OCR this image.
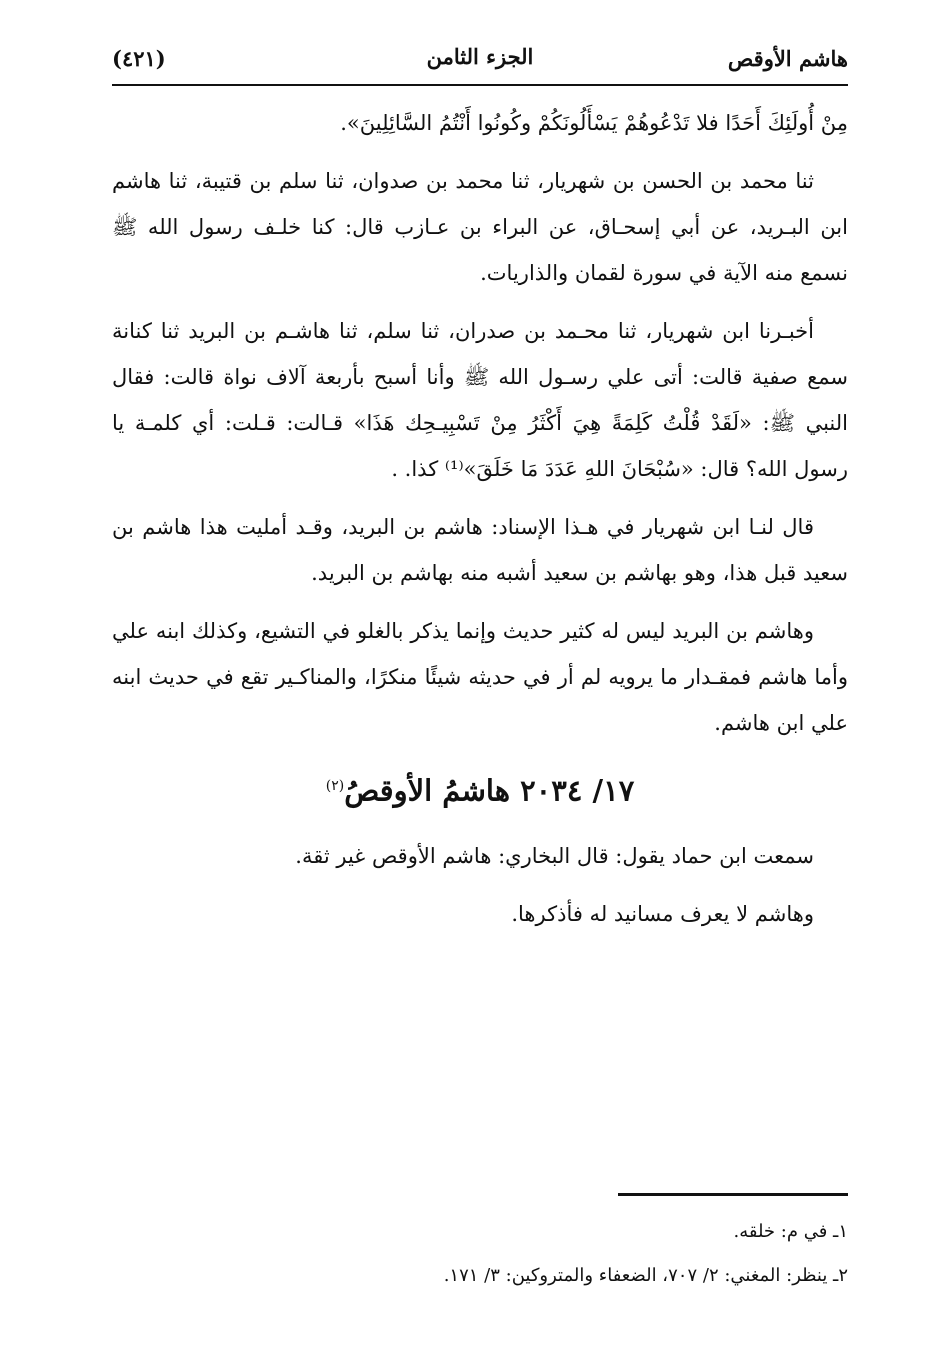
هاشم الأوقص
الجزء الثامن
(٤٢١)

مِنْ أُولَئِكَ أَحَدًا فلا تَدْعُوهُمْ يَسْأَلُونَكُمْ وكُونُوا أَنْتُمُ السَّائِلِينَ».

ثنا محمد بن الحسن بن شهريار، ثنا محمد بن صدوان، ثنا سلم بن قتيبة، ثنا هاشم ابن البـريد، عن أبي إسحـاق، عن البراء بن عـازب قال: كنا خلـف رسول الله ﷺ نسمع منه الآية في سورة لقمان والذاريات.

أخبـرنا ابن شهريار، ثنا محـمد بن صدران، ثنا سلم، ثنا هاشـم بن البريد ثنا كنانة سمع صفية قالت: أتى علي رسـول الله ﷺ وأنا أسبح بأربعة آلاف نواة قالت: فقال النبي ﷺ: «لَقَدْ قُلْتُ كَلِمَةً هِيَ أَكْثَرُ مِنْ تَسْبِيـحِك هَذَا» قـالت: قـلت: أي كلمـة يا رسول الله؟ قال: «سُبْحَانَ اللهِ عَدَدَ مَا خَلَقَ»⁽¹⁾ كذا. .

قال لنـا ابن شهريار في هـذا الإسناد: هاشم بن البريد، وقـد أمليت هذا هاشم بن سعيد قبل هذا، وهو بهاشم بن سعيد أشبه منه بهاشم بن البريد.

وهاشم بن البريد ليس له كثير حديث وإنما يذكر بالغلو في التشيع، وكذلك ابنه علي وأما هاشم فمقـدار ما يرويه لم أر في حديثه شيئًا منكرًا، والمناكـير تقع في حديث ابنه علي ابن هاشم.

١٧/ ٢٠٣٤ هاشمُ الأوقصُ$^{(٢)}$

سمعت ابن حماد يقول: قال البخاري: هاشم الأوقص غير ثقة.

وهاشم لا يعرف مسانيد له فأذكرها.

١ـ في م: خلقه.
٢ـ ينظر: المغني: ٢/ ٧٠٧، الضعفاء والمتروكين: ٣/ ١٧١.
